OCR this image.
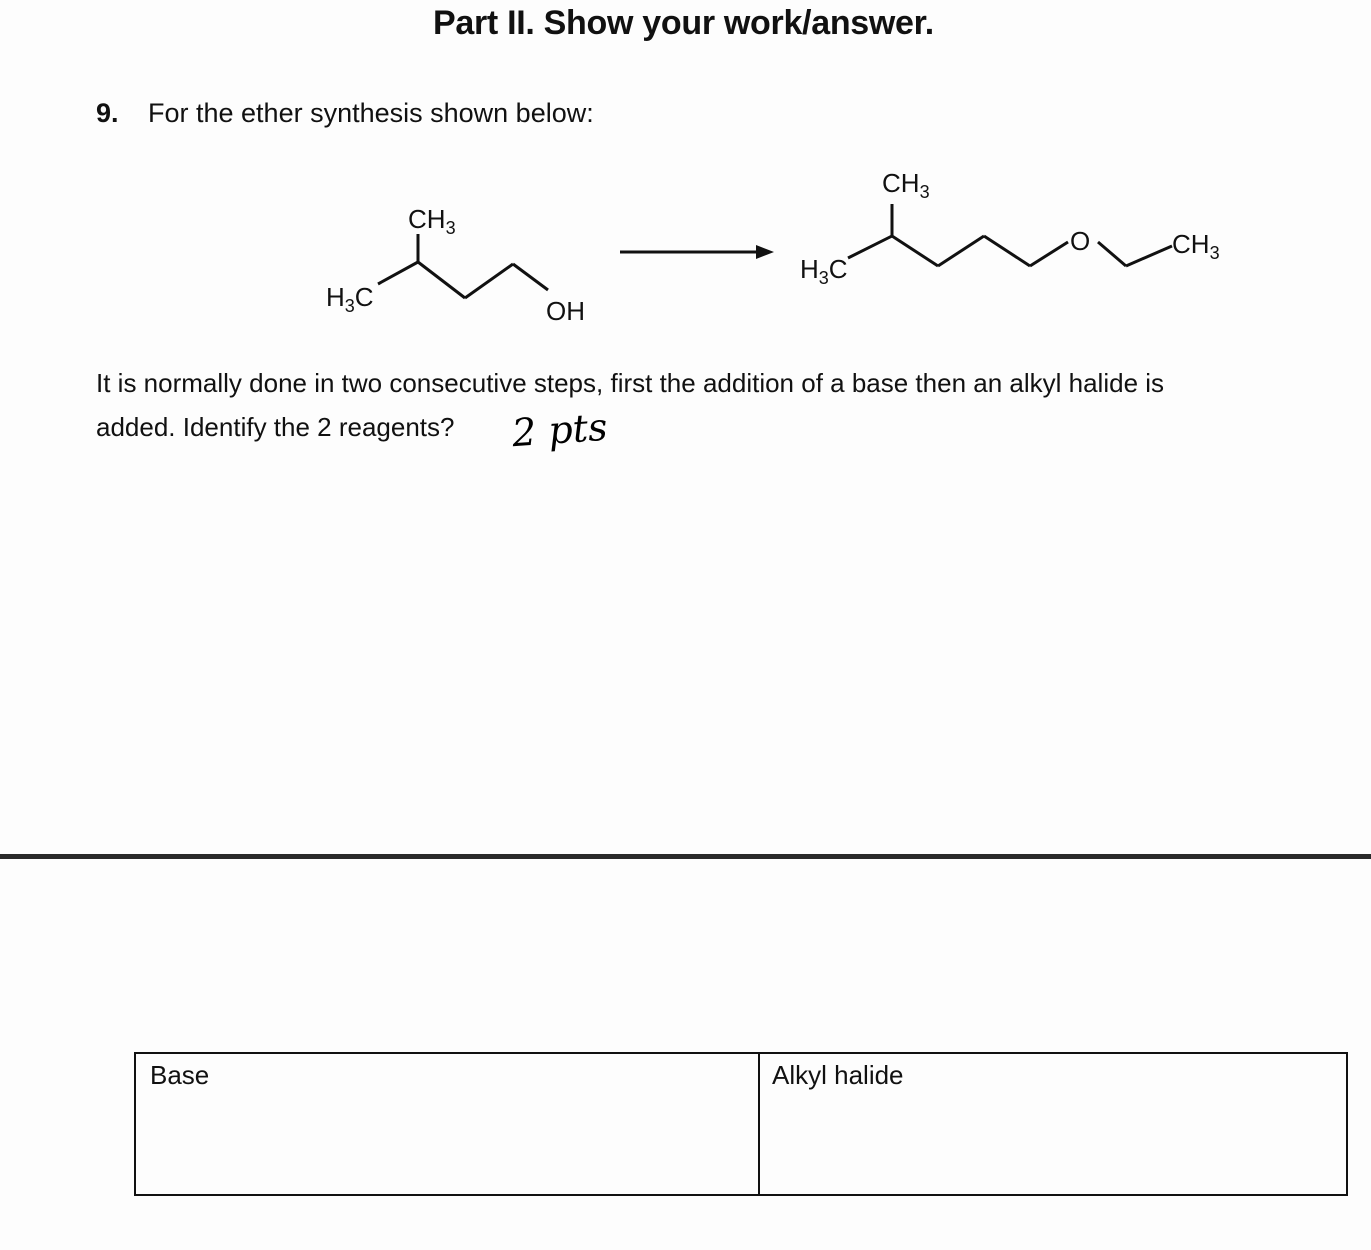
Part II. Show your work/answer.
9. For the ether synthesis shown below:
$CH_3$
$H_3C$	OH
$CH_3$
$H_3C$
O	$CH_3$
It is normally done in two consecutive steps, first the addition of a base then an alkyl halide is
added. Identify the 2 reagents? 2 pts
Base	Alkyl halide
